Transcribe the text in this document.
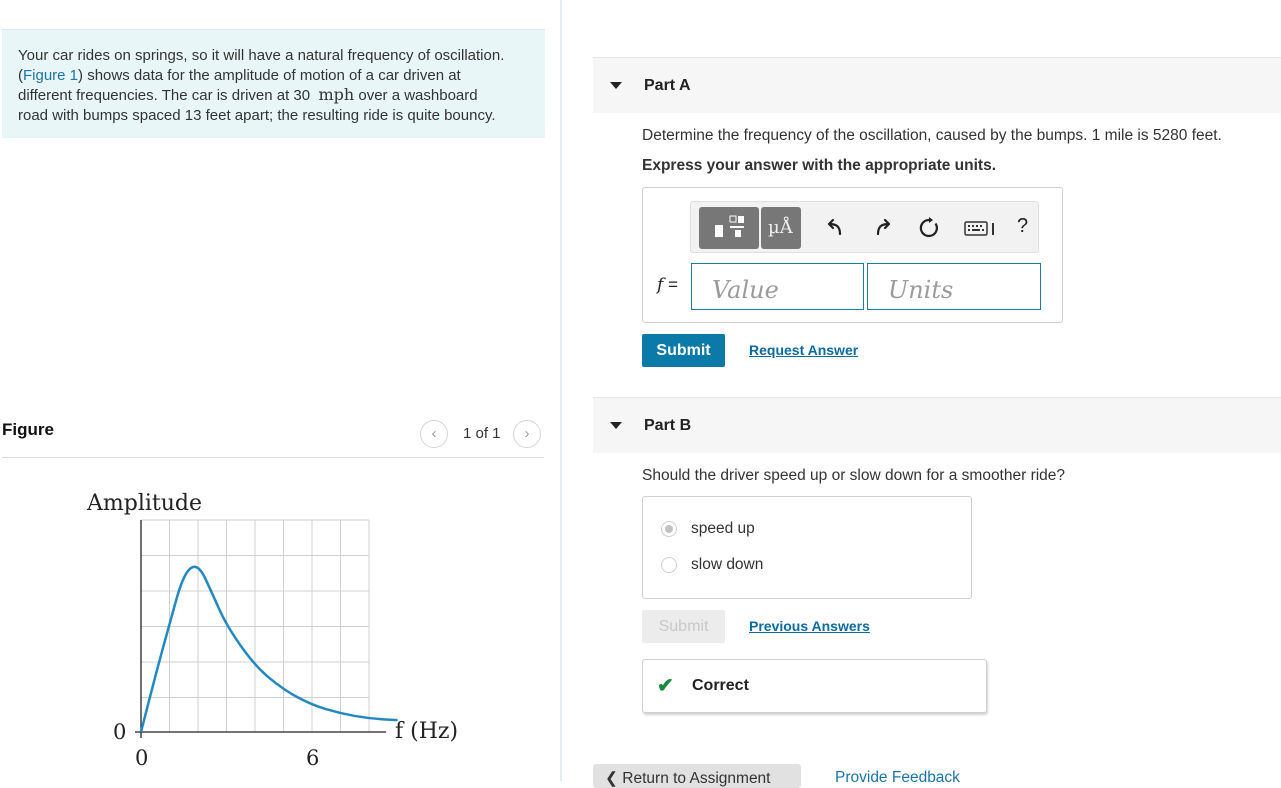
Your car rides on springs, so it will have a natural frequency of oscillation.
(Figure 1) shows data for the amplitude of motion of a car driven at
different frequencies. The car is driven at 30 mph over a washboard
road with bumps spaced 13 feet apart; the resulting ride is quite bouncy.
Figure	‹	1 of 1	›
Amplitude
f (Hz)
0
0	6
Part A
Determine the frequency of the oscillation, caused by the bumps. 1 mile is 5280 feet.
Express your answer with the appropriate units.
µÅ	?
f =
Value
Units
Submit	Request Answer
Part B
Should the driver speed up or slow down for a smoother ride?
speed up
slow down
Submit	Previous Answers
✔ Correct
❮ Return to Assignment	Provide Feedback
